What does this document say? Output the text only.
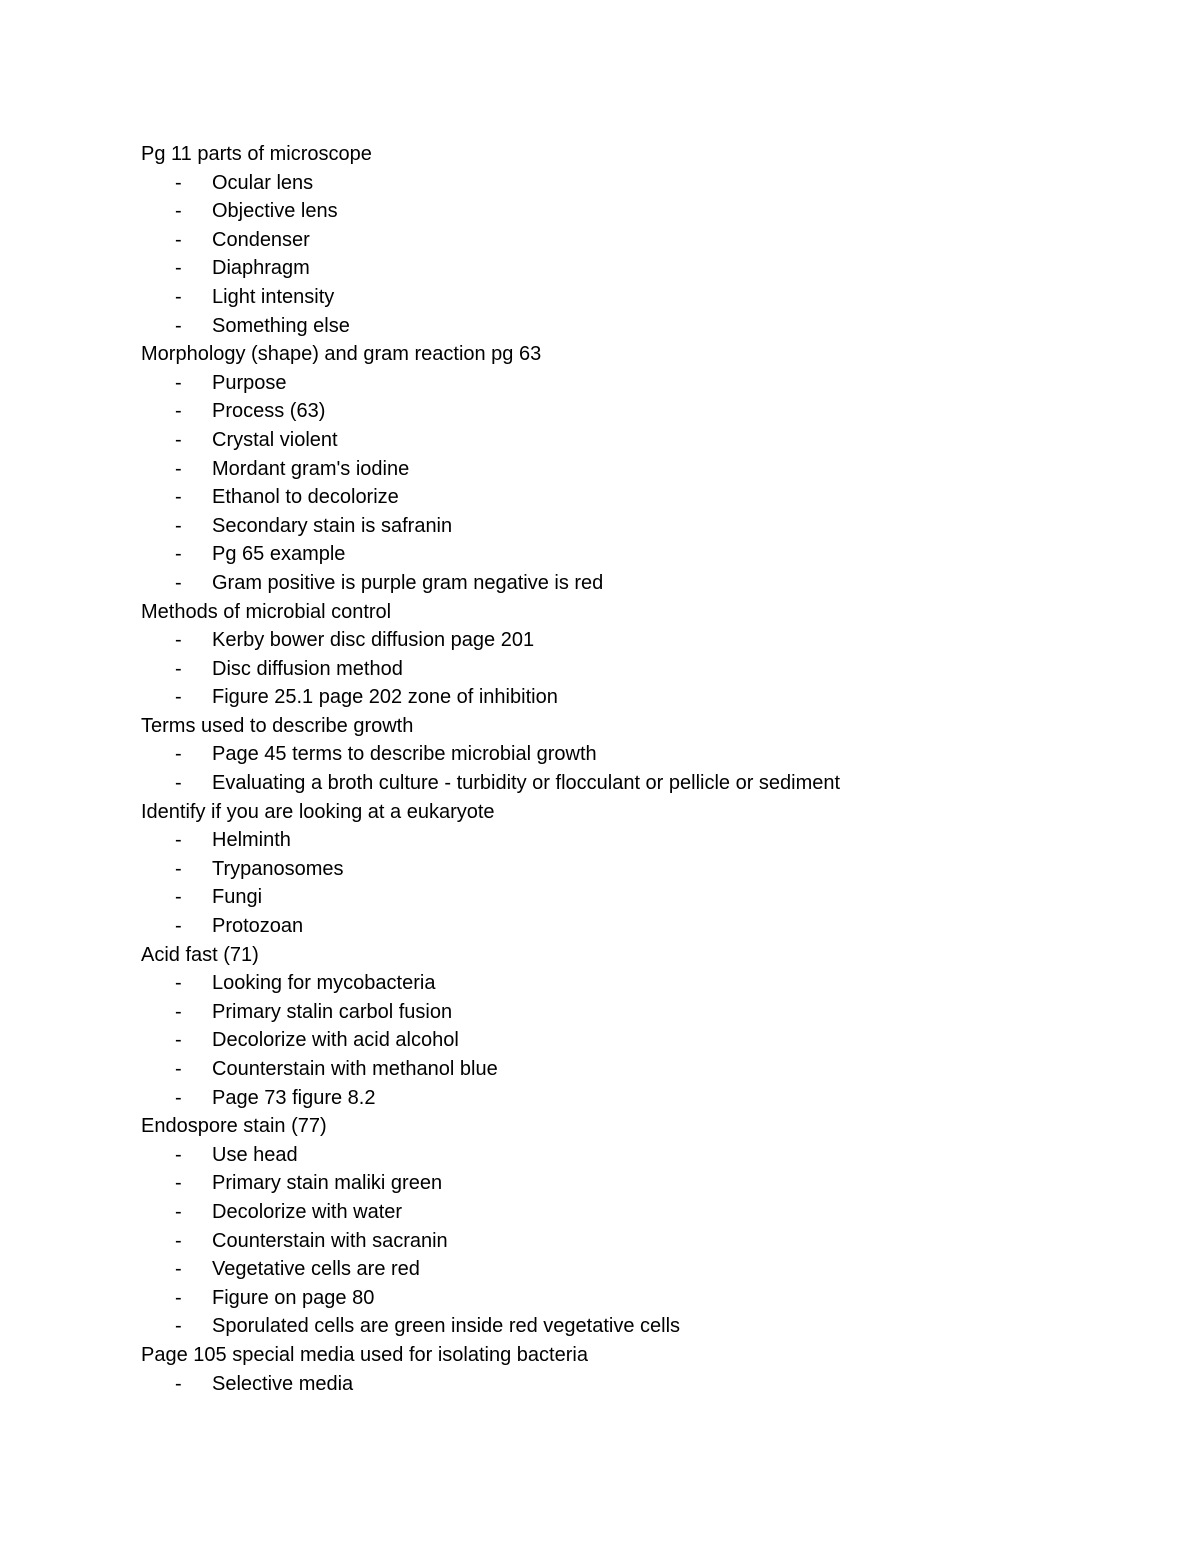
Pg 11 parts of microscope
- Ocular lens
- Objective lens
- Condenser
- Diaphragm
- Light intensity
- Something else
Morphology (shape) and gram reaction pg 63
- Purpose
- Process (63)
- Crystal violent
- Mordant gram's iodine
- Ethanol to decolorize
- Secondary stain is safranin
- Pg 65 example
- Gram positive is purple gram negative is red
Methods of microbial control
- Kerby bower disc diffusion page 201
- Disc diffusion method
- Figure 25.1 page 202 zone of inhibition
Terms used to describe growth
- Page 45 terms to describe microbial growth
- Evaluating a broth culture - turbidity or flocculant or pellicle or sediment
Identify if you are looking at a eukaryote
- Helminth
- Trypanosomes
- Fungi
- Protozoan
Acid fast (71)
- Looking for mycobacteria
- Primary stalin carbol fusion
- Decolorize with acid alcohol
- Counterstain with methanol blue
- Page 73 figure 8.2
Endospore stain (77)
- Use head
- Primary stain maliki green
- Decolorize with water
- Counterstain with sacranin
- Vegetative cells are red
- Figure on page 80
- Sporulated cells are green inside red vegetative cells
Page 105 special media used for isolating bacteria
- Selective media
